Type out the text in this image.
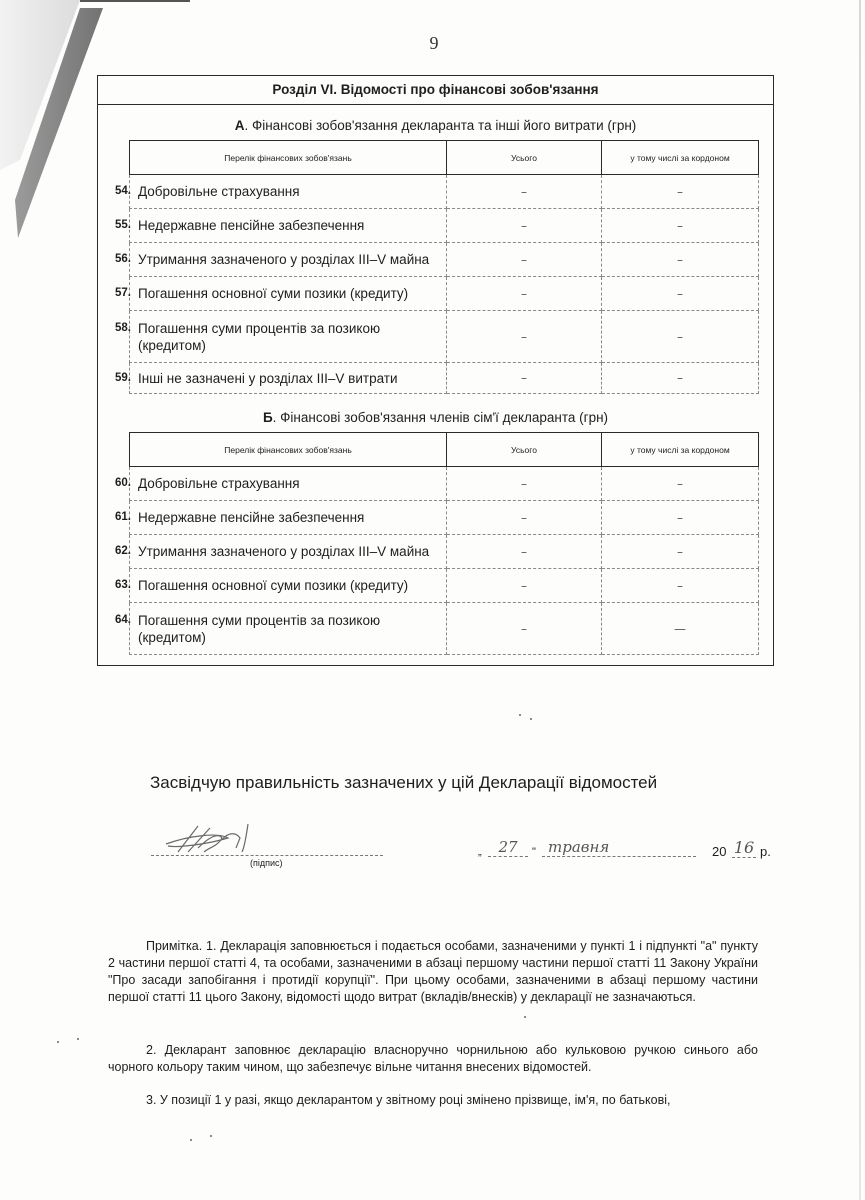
9
Розділ VI. Відомості про фінансові зобов'язання
А. Фінансові зобов'язання декларанта та інші його витрати (грн)
Перелік фінансових зобов'язань	Усього	у тому числі за кордоном

54. Добровільне страхування	–	–

55. Недержавне пенсійне забезпечення	–	–

56. Утримання зазначеного у розділах III–V майна	–	–

57. Погашення основної суми позики (кредиту)	–	–

58. Погашення суми процентів за позикою (кредитом)	–	–

59. Інші не зазначені у розділах III–V витрати	–	–
Б. Фінансові зобов'язання членів сім'ї декларанта (грн)
Перелік фінансових зобов'язань	Усього	у тому числі за кордоном

60. Добровільне страхування	–	–

61. Недержавне пенсійне забезпечення	–	–

62. Утримання зазначеного у розділах III–V майна	–	–

63. Погашення основної суми позики (кредиту)	–	–

64. Погашення суми процентів за позикою (кредитом)	–	—
Засвідчую правильність зазначених у цій Декларації відомостей
(підпис)
„	27	" травня	20 16 р.

Примітка. 1. Декларація заповнюється і подається особами, зазначеними у пункті 1 і підпункті "а" пункту 2 частини першої статті 4, та особами, зазначеними в абзаці першому частини першої статті 11 Закону України "Про засади запобігання і протидії корупції". При цьому особами, зазначеними в абзаці першому частини першої статті 11 цього Закону, відомості щодо витрат (вкладів/внесків) у декларації не зазначаються.

2. Декларант заповнює декларацію власноручно чорнильною або кульковою ручкою синього або чорного кольору таким чином, що забезпечує вільне читання внесених відомостей.

3. У позиції 1 у разі, якщо декларантом у звітному році змінено прізвище, ім'я, по батькові,
